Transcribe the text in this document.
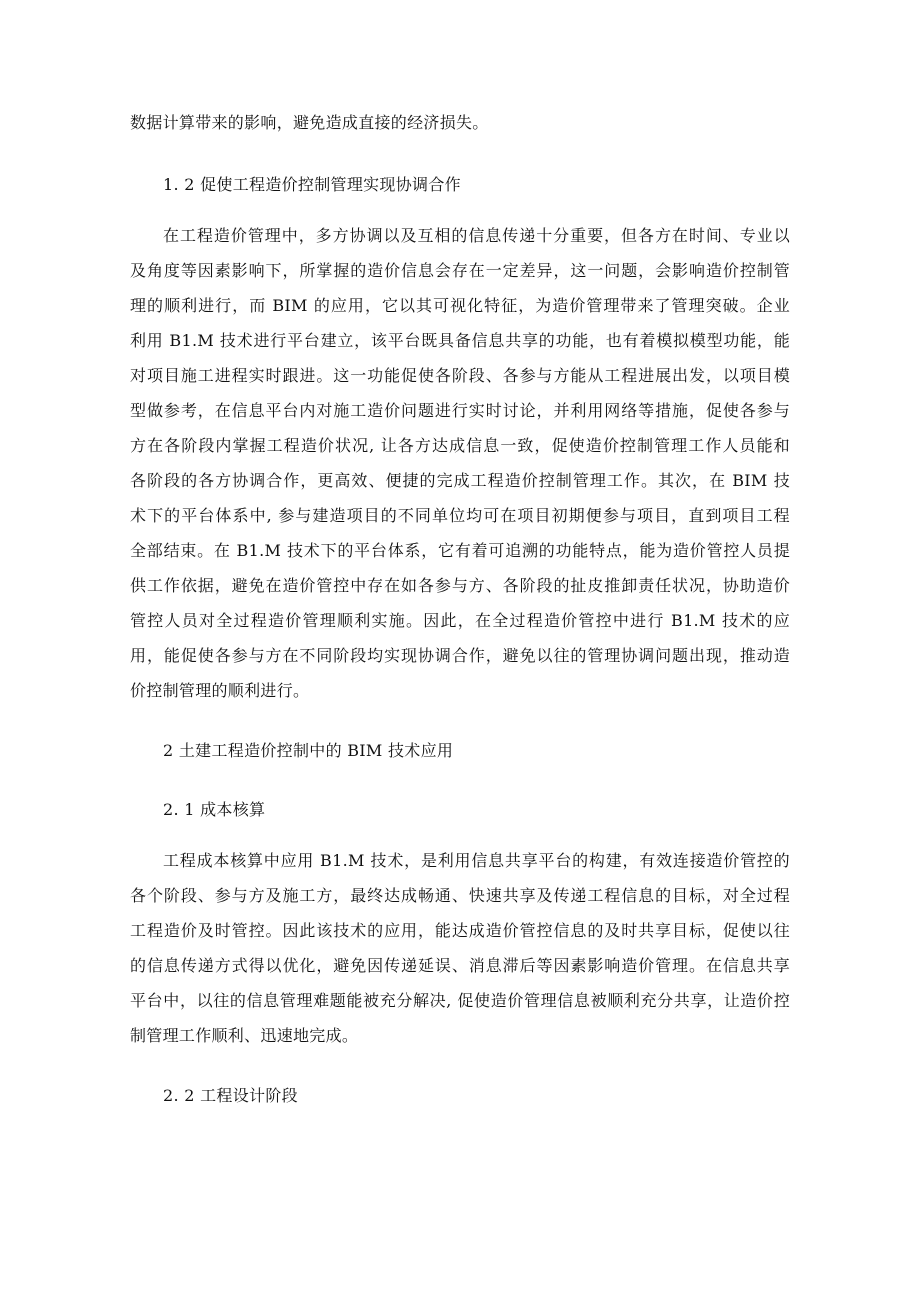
数据计算带来的影响，避免造成直接的经济损失。
1. 2 促使工程造价控制管理实现协调合作
在工程造价管理中，多方协调以及互相的信息传递十分重要，但各方在时间、专业以
及角度等因素影响下，所掌握的造价信息会存在一定差异，这一问题，会影响造价控制管
理的顺利进行，而 BIM 的应用，它以其可视化特征，为造价管理带来了管理突破。企业
利用 B1.M 技术进行平台建立，该平台既具备信息共享的功能，也有着模拟模型功能，能
对项目施工进程实时跟进。这一功能促使各阶段、各参与方能从工程进展出发，以项目模
型做参考，在信息平台内对施工造价问题进行实时讨论，并利用网络等措施，促使各参与
方在各阶段内掌握工程造价状况, 让各方达成信息一致，促使造价控制管理工作人员能和
各阶段的各方协调合作，更高效、便捷的完成工程造价控制管理工作。其次，在 BIM 技
术下的平台体系中, 参与建造项目的不同单位均可在项目初期便参与项目，直到项目工程
全部结束。在 B1.M 技术下的平台体系，它有着可追溯的功能特点，能为造价管控人员提
供工作依据，避免在造价管控中存在如各参与方、各阶段的扯皮推卸责任状况，协助造价
管控人员对全过程造价管理顺利实施。因此，在全过程造价管控中进行 B1.M 技术的应
用，能促使各参与方在不同阶段均实现协调合作，避免以往的管理协调问题出现，推动造
价控制管理的顺利进行。
2 土建工程造价控制中的 BIM 技术应用
2. 1 成本核算
工程成本核算中应用 B1.M 技术，是利用信息共享平台的构建，有效连接造价管控的
各个阶段、参与方及施工方，最终达成畅通、快速共享及传递工程信息的目标，对全过程
工程造价及时管控。因此该技术的应用，能达成造价管控信息的及时共享目标，促使以往
的信息传递方式得以优化，避免因传递延误、消息滞后等因素影响造价管理。在信息共享
平台中，以往的信息管理难题能被充分解决, 促使造价管理信息被顺利充分共享，让造价控
制管理工作顺利、迅速地完成。
2. 2 工程设计阶段
